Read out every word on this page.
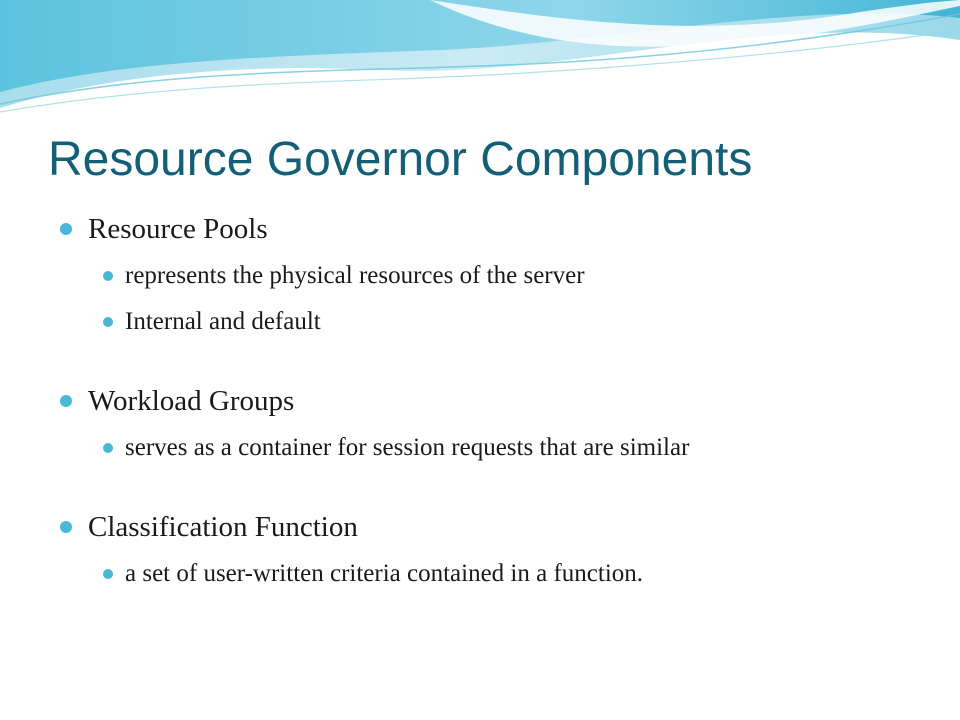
Resource Governor Components
Resource Pools
represents the physical resources of the server
Internal and default
Workload Groups
serves as a container for session requests that are similar
Classification Function
a set of user-written criteria contained in a function.
